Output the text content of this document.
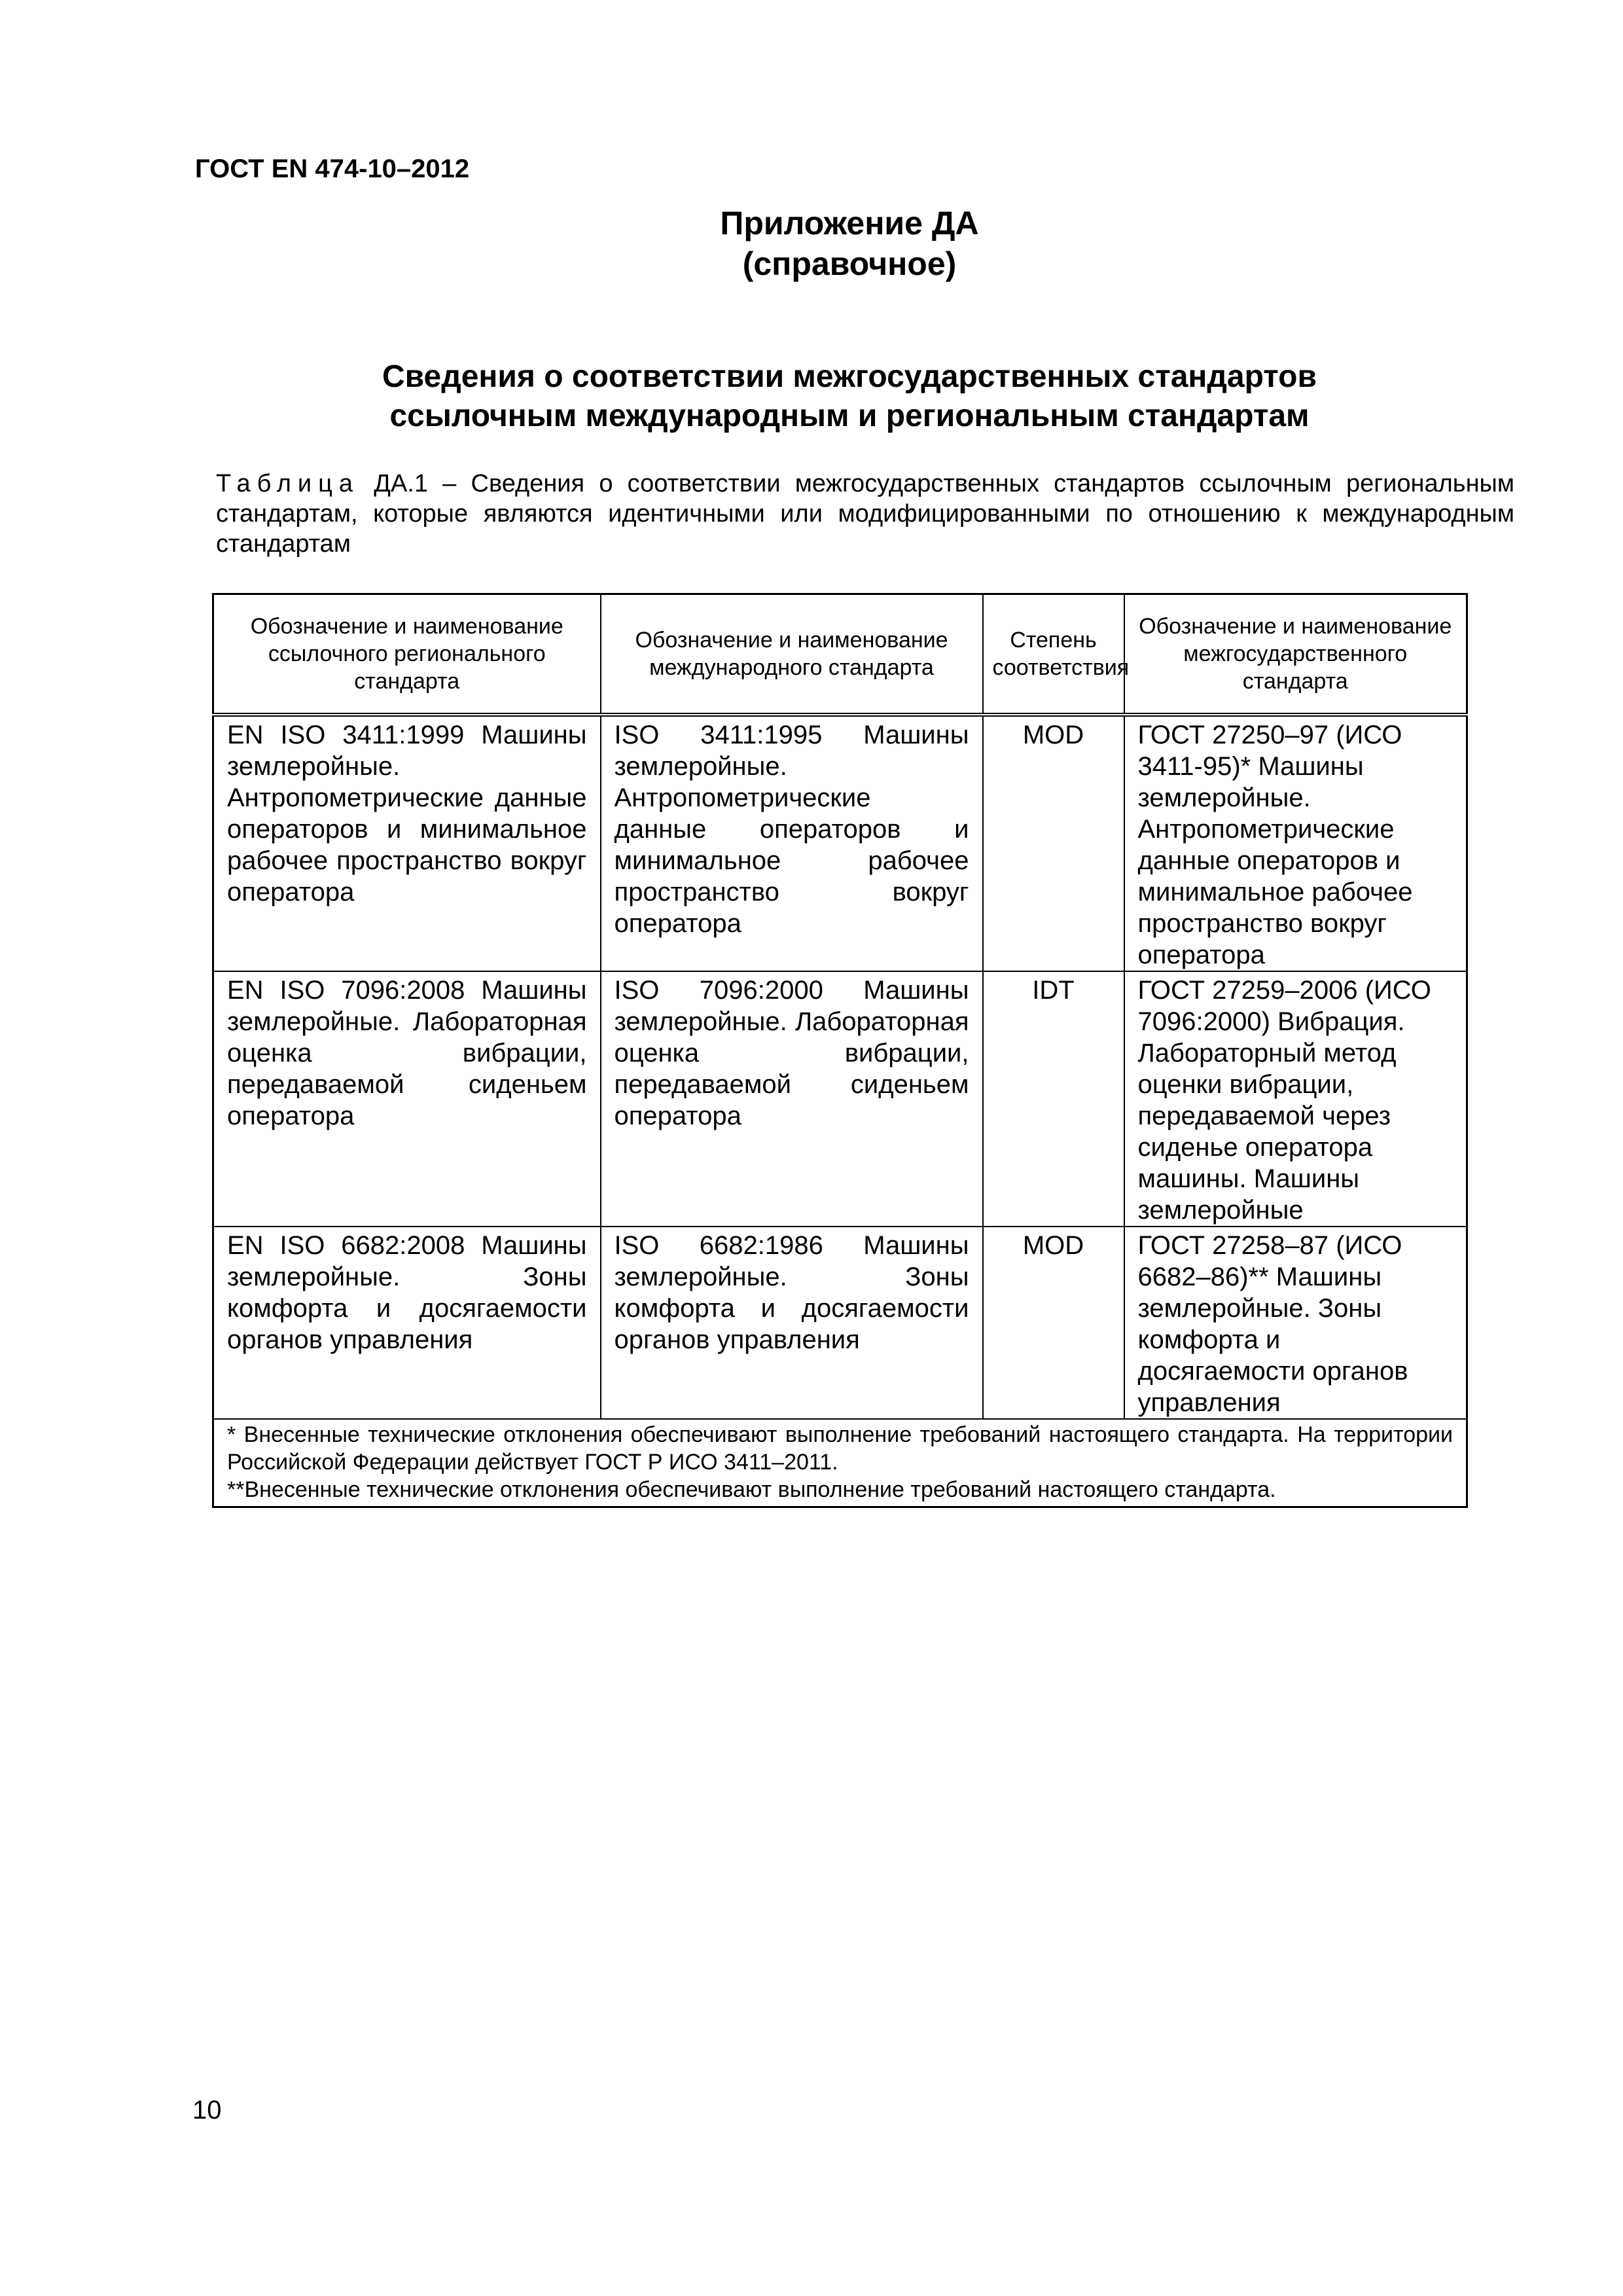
ГОСТ EN 474-10–2012

Приложение ДА

(справочное)

Сведения о соответствии межгосударственных стандартов

ссылочным международным и региональным стандартам

Таблица ДА.1 – Сведения о соответствии межгосударственных стандартов ссылочным региональным стандартам, которые являются идентичными или модифицированными по отношению к международным стандартам

Обозначение и наименование ссылочного регионального стандарта	Обозначение и наименование международного стандарта	Степень соответствия	Обозначение и наименование межгосударственного стандарта
EN ISO 3411:1999 Машины землеройные. Антропометрические данные операторов и минимальное рабочее пространство вокруг оператора	ISO 3411:1995 Машины землеройные. Антропометрические данные операторов и минимальное рабочее пространство вокруг оператора	MOD	ГОСТ 27250–97 (ИСО 3411-95)* Машины землеройные. Антропометрические данные операторов и минимальное рабочее пространство вокруг оператора
EN ISO 7096:2008 Машины землеройные. Лабораторная оценка вибрации, передаваемой сиденьем оператора	ISO 7096:2000 Машины землеройные. Лабораторная оценка вибрации, передаваемой сиденьем оператора	IDT	ГОСТ 27259–2006 (ИСО 7096:2000) Вибрация. Лабораторный метод оценки вибрации, передаваемой через сиденье оператора машины. Машины землеройные
EN ISO 6682:2008 Машины землеройные. Зоны комфорта и досягаемости органов управления	ISO 6682:1986 Машины землеройные. Зоны комфорта и досягаемости органов управления	MOD	ГОСТ 27258–87 (ИСО 6682–86)** Машины землеройные. Зоны комфорта и досягаемости органов управления

* Внесенные технические отклонения обеспечивают выполнение требований настоящего стандарта. На территории Российской Федерации действует ГОСТ Р ИСО 3411–2011.
**Внесенные технические отклонения обеспечивают выполнение требований настоящего стандарта.			

10
